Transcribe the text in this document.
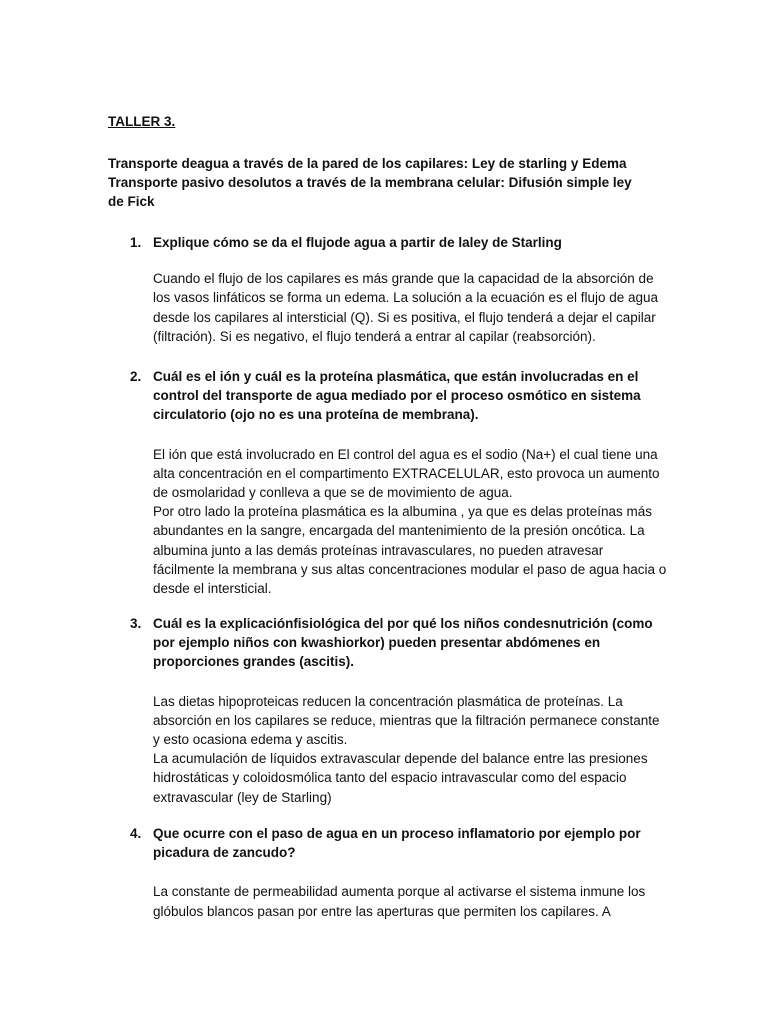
TALLER 3.

Transporte deagua a través de la pared de los capilares: Ley de starling y Edema

Transporte pasivo desolutos a través de la membrana celular: Difusión simple ley de Fick

1. Explique cómo se da el flujode agua a partir de laley de Starling

Cuando el flujo de los capilares es más grande que la capacidad de la absorción de los vasos linfáticos se forma un edema. La solución a la ecuación es el flujo de agua desde los capilares al intersticial (Q). Si es positiva, el flujo tenderá a dejar el capilar (filtración). Si es negativo, el flujo tenderá a entrar al capilar (reabsorción).

2. Cuál es el ión y cuál es la proteína plasmática, que están involucradas en el control del transporte de agua mediado por el proceso osmótico en sistema circulatorio (ojo no es una proteína de membrana).

El ión que está involucrado en El control del agua es el sodio (Na+) el cual tiene una alta concentración en el compartimento EXTRACELULAR, esto provoca un aumento de osmolaridad y conlleva a que se de movimiento de agua.

Por otro lado la proteína plasmática es la albumina , ya que es delas proteínas más abundantes en la sangre, encargada del mantenimiento de la presión oncótica. La albumina junto a las demás proteínas intravasculares, no pueden atravesar fácilmente la membrana y sus altas concentraciones modular el paso de agua hacia o desde el intersticial.

3. Cuál es la explicaciónfisiológica del por qué los niños condesnutrición (como por ejemplo niños con kwashiorkor) pueden presentar abdómenes en proporciones grandes (ascitis).

Las dietas hipoproteicas reducen la concentración plasmática de proteínas. La absorción en los capilares se reduce, mientras que la filtración permanece constante y esto ocasiona edema y ascitis.

La acumulación de líquidos extravascular depende del balance entre las presiones hidrostáticas y coloidosmólica tanto del espacio intravascular como del espacio extravascular (ley de Starling)

4. Que ocurre con el paso de agua en un proceso inflamatorio por ejemplo por picadura de zancudo?

La constante de permeabilidad aumenta porque al activarse el sistema inmune los glóbulos blancos pasan por entre las aperturas que permiten los capilares. A
